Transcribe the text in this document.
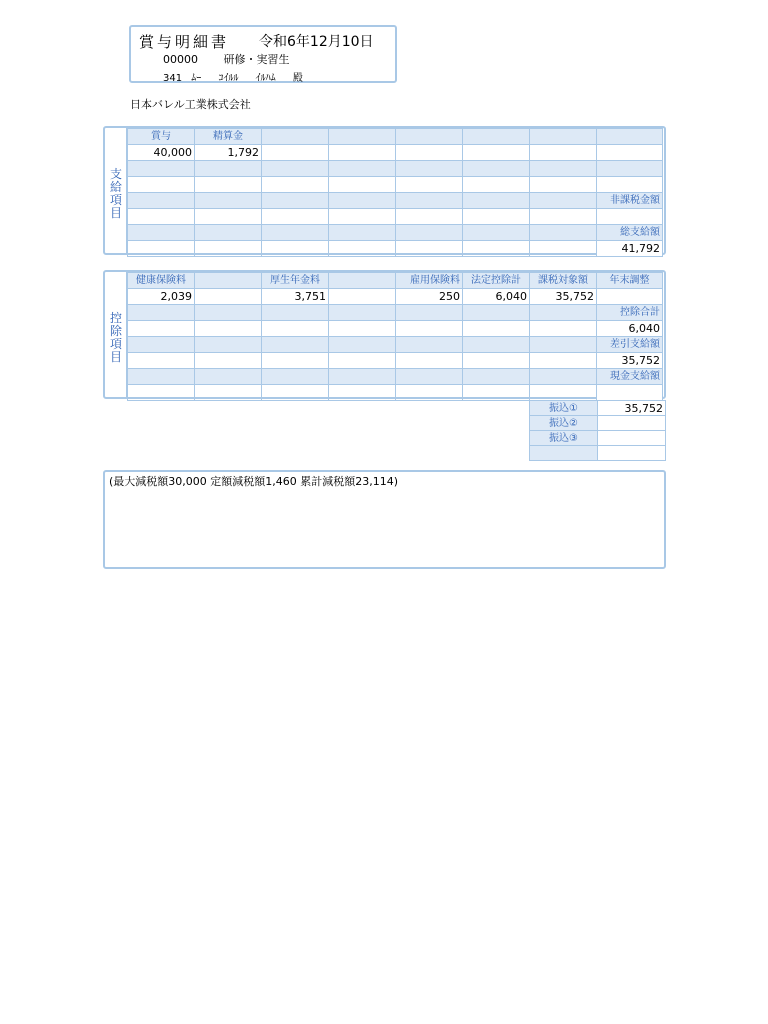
賞与明細書 令和6年12月10日
00000 研修・実習生
341 ﾑｰ ｺｲﾙﾙ ｲﾙﾊﾑ 殿
日本バレル工業株式会社
支
給
項
目
賞与	精算金						
40,000	1,792						

							非課税金額

							総支給額
							41,792
控
除
項
目
健康保険料		厚生年金料		雇用保険料	法定控除計	課税対象額	年末調整
2,039		3,751		250	6,040	35,752	
							控除合計
							6,040
							差引支給額
							35,752
							現金支給額

振込①	35,752
振込②	
振込③	

(最大減税額30,000 定額減税額1,460 累計減税額23,114)
